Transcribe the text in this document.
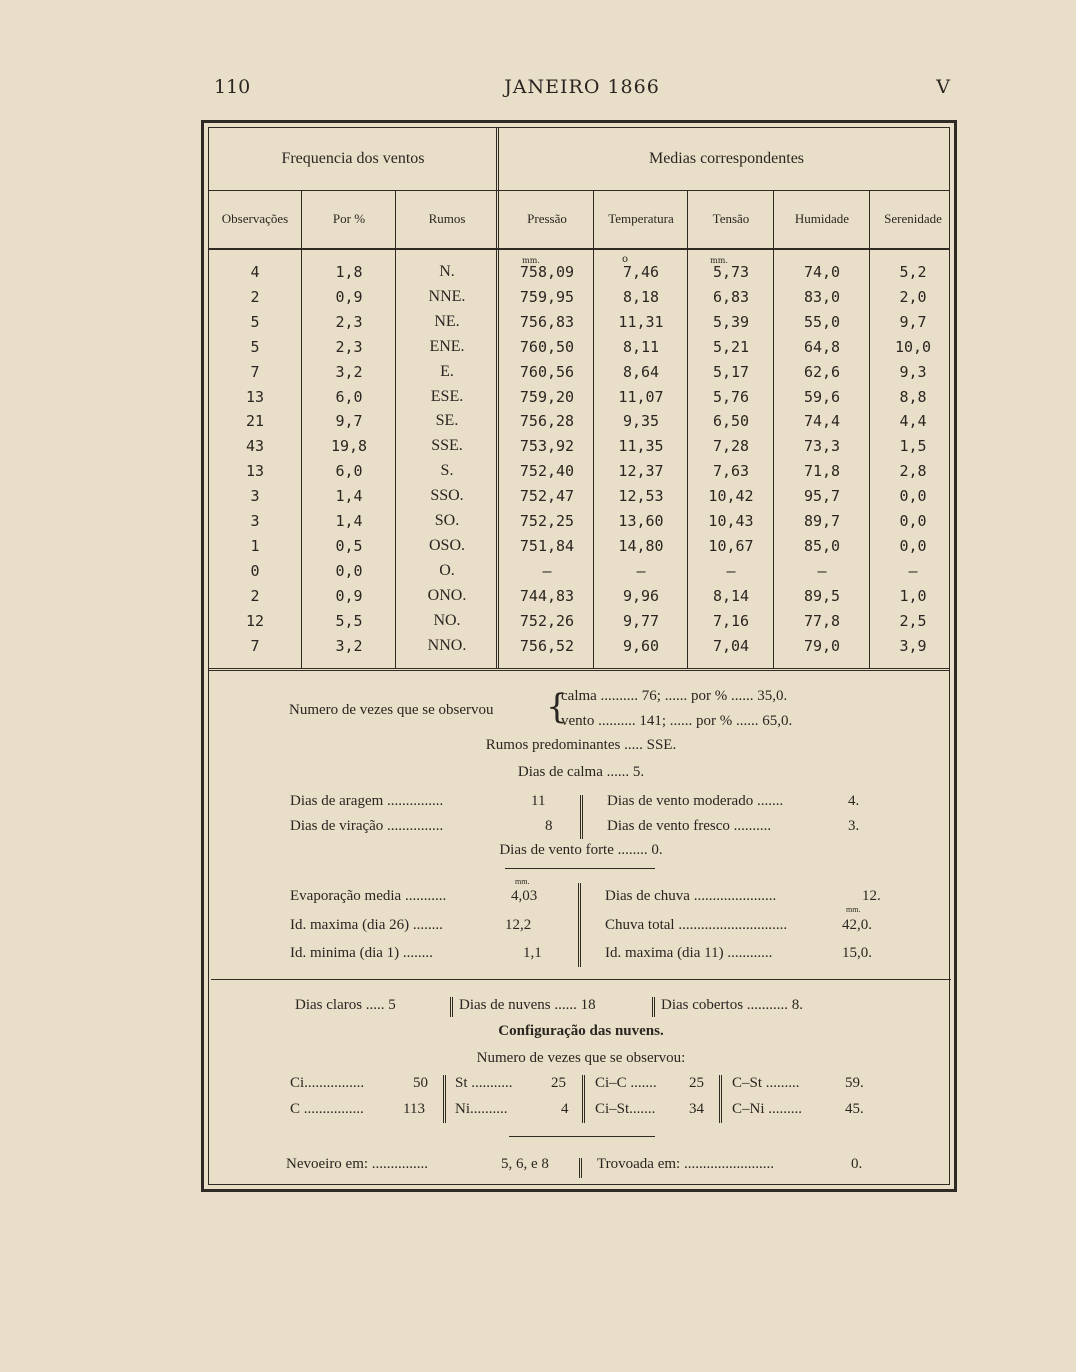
110	JANEIRO 1866	V
Frequencia dos ventos	Medias correspondentes
Observações	Por %	Rumos	Pressão	Temperatura	Tensão	Humidade	Serenidade
mm.	o	mm.
4	1,8	N.	758,09	7,46	5,73	74,0	5,2
2	0,9	NNE.	759,95	8,18	6,83	83,0	2,0
5	2,3	NE.	756,83	11,31	5,39	55,0	9,7
5	2,3	ENE.	760,50	8,11	5,21	64,8	10,0
7	3,2	E.	760,56	8,64	5,17	62,6	9,3
13	6,0	ESE.	759,20	11,07	5,76	59,6	8,8
21	9,7	SE.	756,28	9,35	6,50	74,4	4,4
43	19,8	SSE.	753,92	11,35	7,28	73,3	1,5
13	6,0	S.	752,40	12,37	7,63	71,8	2,8
3	1,4	SSO.	752,47	12,53	10,42	95,7	0,0
3	1,4	SO.	752,25	13,60	10,43	89,7	0,0
1	0,5	OSO.	751,84	14,80	10,67	85,0	0,0
0	0,0	O.	—	—	—	—	—
2	0,9	ONO.	744,83	9,96	8,14	89,5	1,0
12	5,5	NO.	752,26	9,77	7,16	77,8	2,5
7	3,2	NNO.	756,52	9,60	7,04	79,0	3,9
Numero de vezes que se observou {
calma .......... 76; ...... por % ...... 35,0.
vento .......... 141; ...... por % ...... 65,0.
Rumos predominantes ..... SSE.
Dias de calma ...... 5.
Dias de aragem ...............	11
Dias de viração ...............	8
Dias de vento moderado .......	4.
Dias de vento fresco ..........	3.
Dias de vento forte ........ 0.
mm.
Evaporação media ...........	4,03
Id. maxima (dia 26) ........	12,2
Id. minima (dia 1) ........	1,1
Dias de chuva ......................	12.
mm.
Chuva total .............................	42,0.
Id. maxima (dia 11) ............	15,0.
Dias claros ..... 5	Dias de nuvens ...... 18	Dias cobertos ........... 8.
Configuração das nuvens.
Numero de vezes que se observou:
Ci................	50
C ................	113
St ...........	25
Ni..........	4
Ci–C ....... 25
Ci–St....... 34
C–St .........	59.
C–Ni .........	45.
Nevoeiro em: ...............	5, 6, e 8	Trovoada em: ........................	0.
